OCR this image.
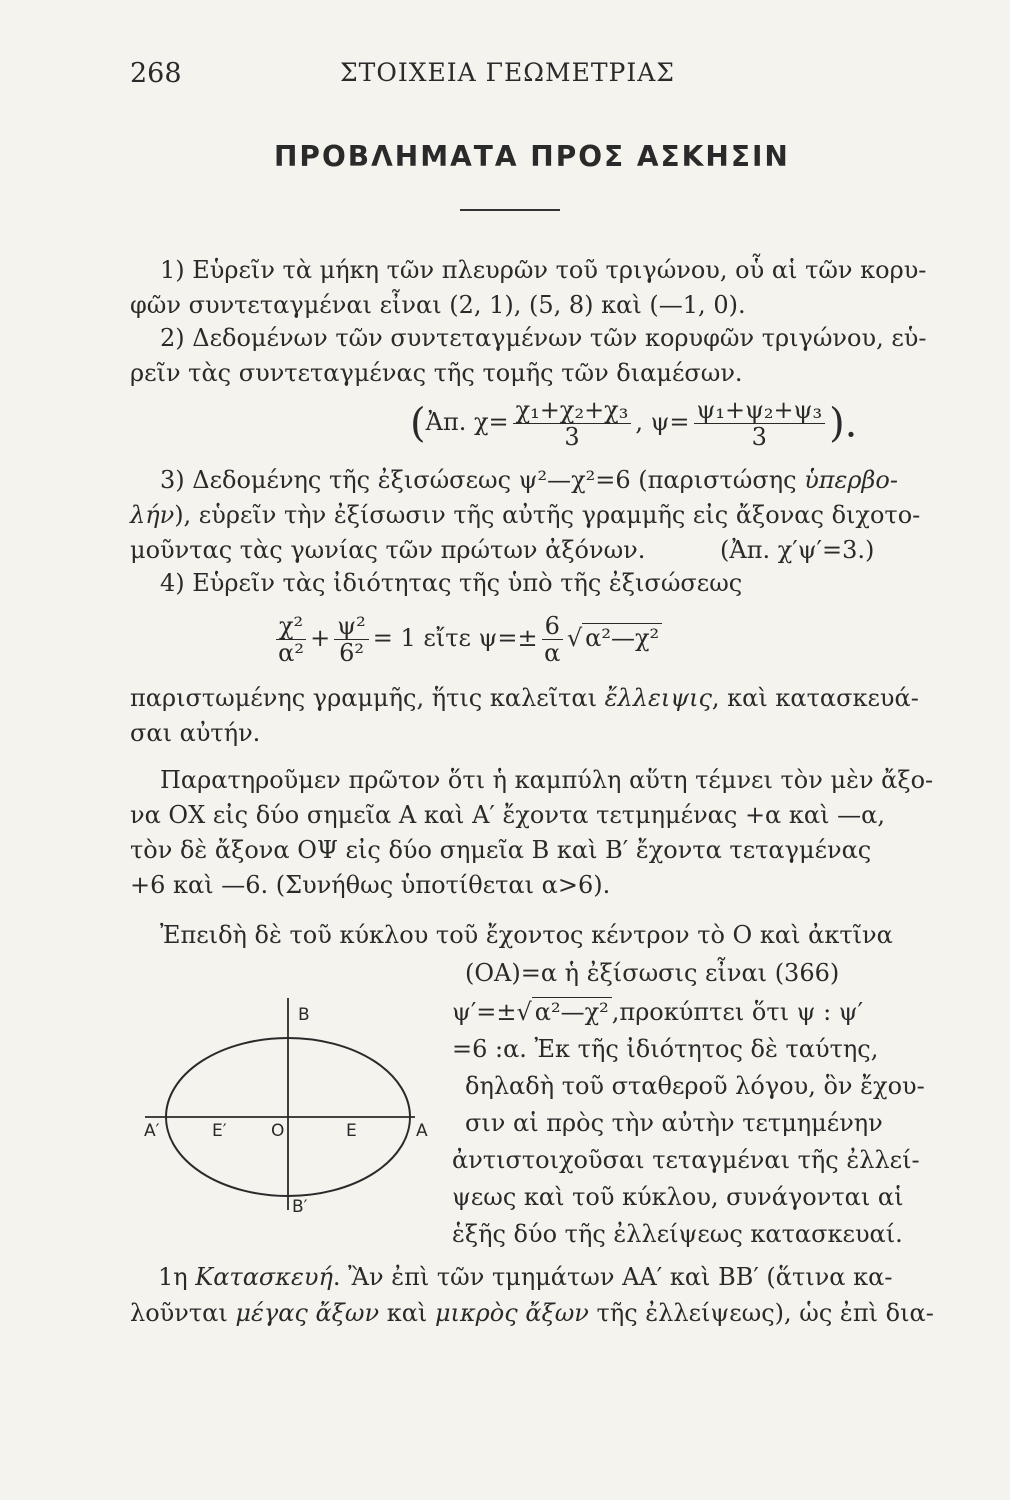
268	ΣΤΟΙΧΕΙΑ ΓΕΩΜΕΤΡΙΑΣ
ΠΡΟΒΛΗΜΑΤΑ ΠΡΟΣ ΑΣΚΗΣΙΝ
1) Εὑρεῖν τὰ μήκη τῶν πλευρῶν τοῦ τριγώνου, οὗ αἱ τῶν κορυ-
φῶν συντεταγμέναι εἶναι (2, 1), (5, 8) καὶ (—1, 0).
2) Δεδομένων τῶν συντεταγμένων τῶν κορυφῶν τριγώνου, εὑ-
ρεῖν τὰς συντεταγμένας τῆς τομῆς τῶν διαμέσων.
(Ἀπ. $\chi= \frac{\text{χ₁+χ₂+χ₃}}{3}$ , $\psi= \frac{\text{ψ₁+ψ₂+ψ₃}}{3}$ ).
3) Δεδομένης τῆς ἐξισώσεως ψ²—χ²=6 (παριστώσης ὑπερβο-
λήν), εὑρεῖν τὴν ἐξίσωσιν τῆς αὐτῆς γραμμῆς εἰς ἄξονας διχοτο-
μοῦντας τὰς γωνίας τῶν πρώτων ἀξόνων.	(Ἀπ. χ′ψ′=3.)
4) Εὑρεῖν τὰς ἰδιότητας τῆς ὑπὸ τῆς ἐξισώσεως
$\frac{\text{χ²}}{\text{α²}} + \frac{\text{ψ²}}{\text{6²}} = 1$ εἴτε $\psi=\pm \frac{6}{\alpha}$ √ α²—χ²
παριστωμένης γραμμῆς, ἥτις καλεῖται ἔλλειψις, καὶ κατασκευά-
σαι αὐτήν.
Παρατηροῦμεν πρῶτον ὅτι ἡ καμπύλη αὕτη τέμνει τὸν μὲν ἄξο-
να ΟΧ εἰς δύο σημεῖα Α καὶ Α′ ἔχοντα τετμημένας +α καὶ —α,
τὸν δὲ ἄξονα ΟΨ εἰς δύο σημεῖα Β καὶ Β′ ἔχοντα τεταγμένας
+6 καὶ —6. (Συνήθως ὑποτίθεται α>6).
Ἐπειδὴ δὲ τοῦ κύκλου τοῦ ἔχοντος κέντρον τὸ Ο καὶ ἀκτῖνα
(ΟΑ)=α ἡ ἐξίσωσις εἶναι (366)
ψ′=±√ α²—χ² ,προκύπτει ὅτι ψ : ψ′
=6 :α. Ἐκ τῆς ἰδιότητος δὲ ταύτης,
δηλαδὴ τοῦ σταθεροῦ λόγου, ὃν ἔχου-
σιν αἱ πρὸς τὴν αὐτὴν τετμημένην
ἀντιστοιχοῦσαι τεταγμέναι τῆς ἐλλεί-
ψεως καὶ τοῦ κύκλου, συνάγονται αἱ
ἑξῆς δύο τῆς ἐλλείψεως κατασκευαί.
1η Κατασκευή. Ἂν ἐπὶ τῶν τμημάτων ΑΑ′ καὶ ΒΒ′ (ἅτινα κα-
λοῦνται μέγας ἄξων καὶ μικρὸς ἄξων τῆς ἐλλείψεως), ὡς ἐπὶ δια-
Β
Β′
Α′	Α
Ο
Ε′	Ε
